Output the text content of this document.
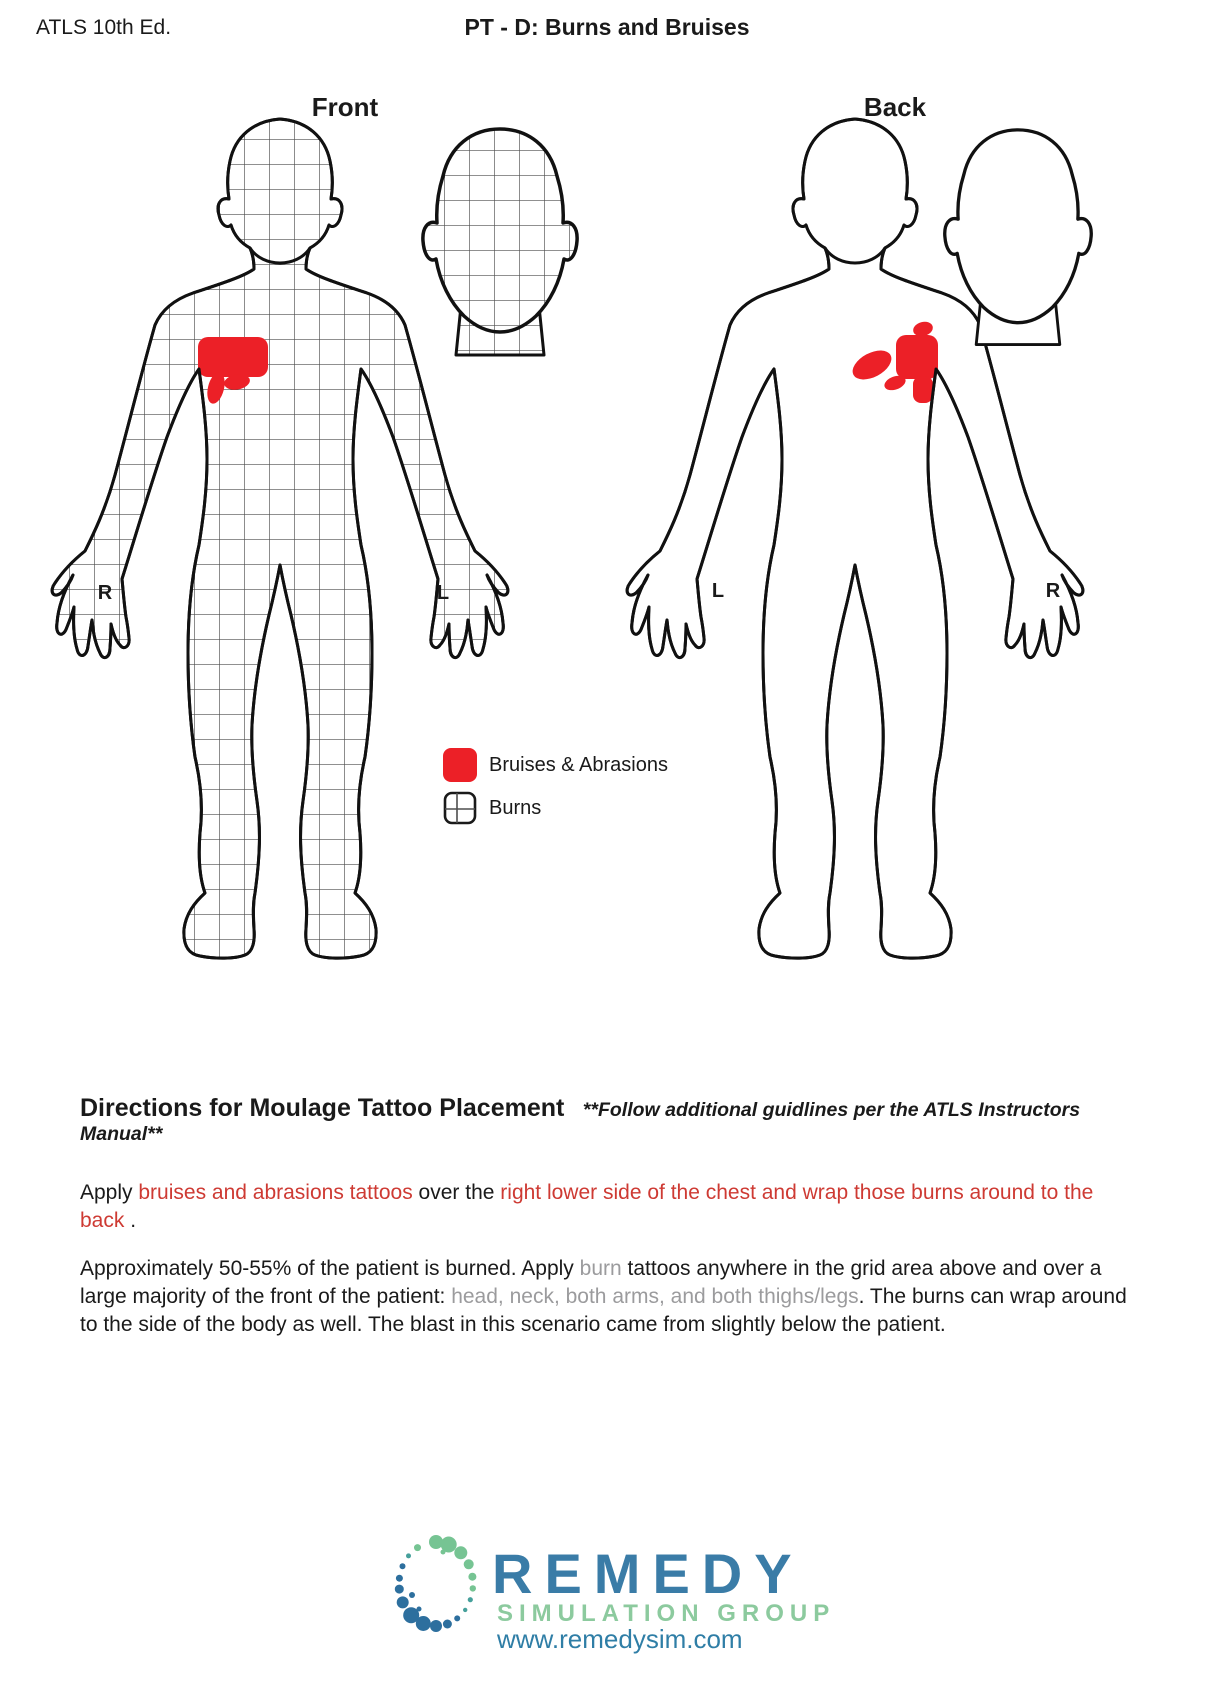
ATLS 10th Ed.	PT - D: Burns and Bruises
Front	Back
R	L	L	R
Bruises & Abrasions
Burns
Directions for Moulage Tattoo Placement **Follow additional guidlines per the ATLS Instructors Manual**

Apply bruises and abrasions tattoos over the right lower side of the chest and wrap those burns around to the back .

Approximately 50-55% of the patient is burned. Apply burn tattoos anywhere in the grid area above and over a large majority of the front of the patient: head, neck, both arms, and both thighs/legs. The burns can wrap around to the side of the body as well. The blast in this scenario came from slightly below the patient.

REMEDY
SIMULATION GROUP
www.remedysim.com
